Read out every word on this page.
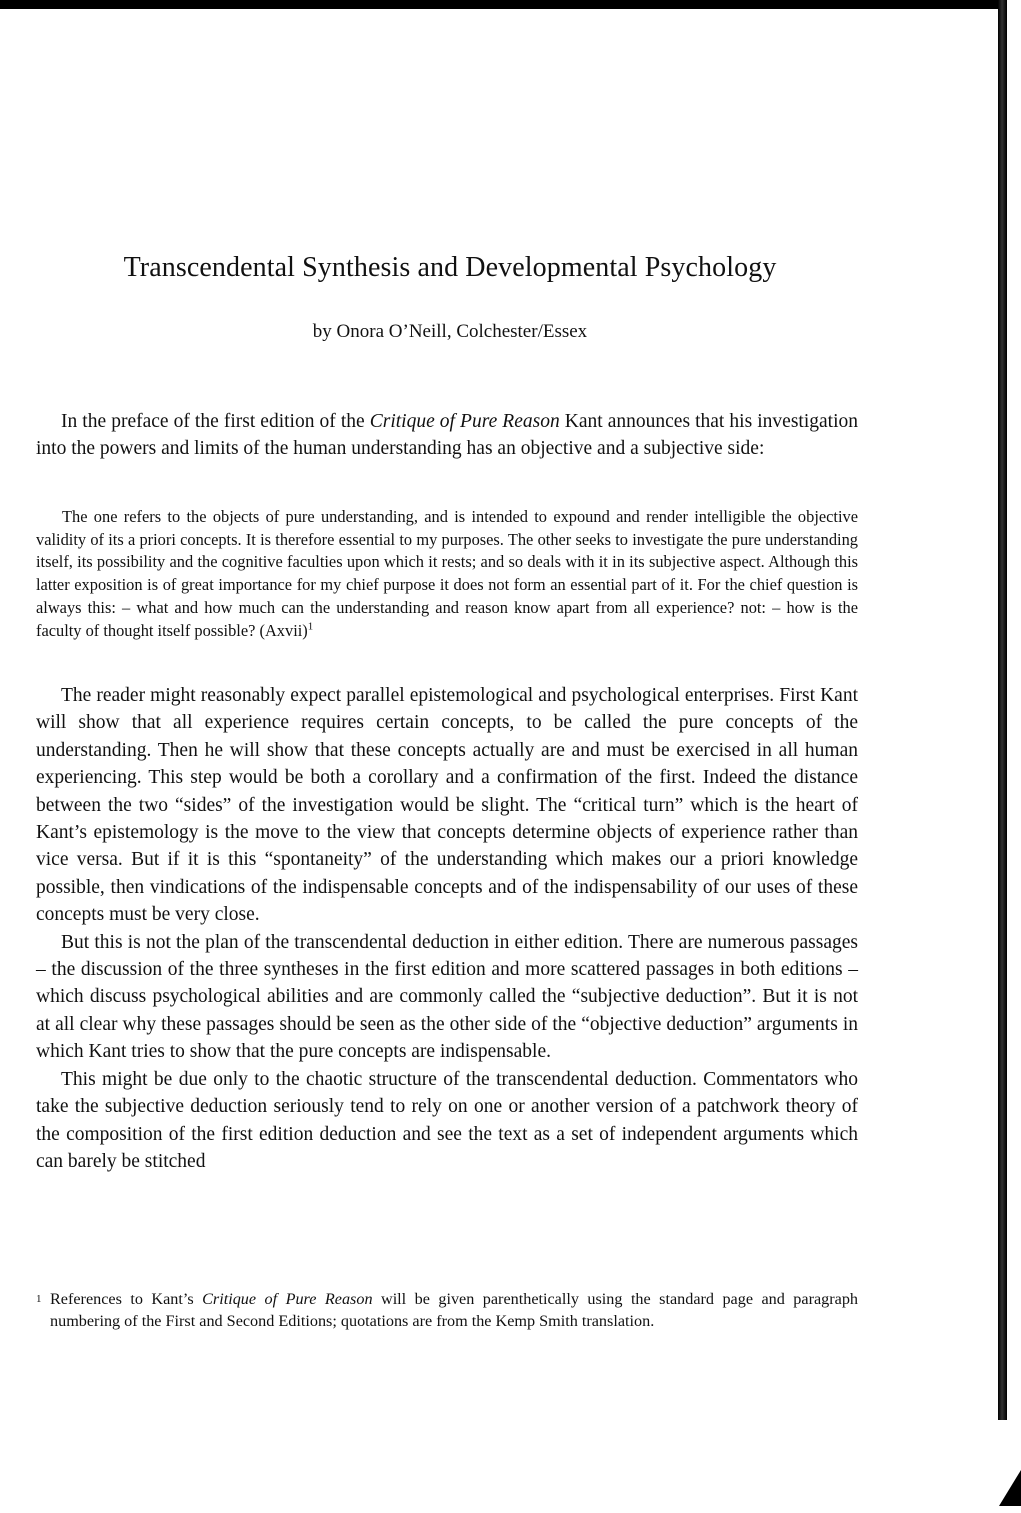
Transcendental Synthesis and Developmental Psychology
by Onora O’Neill, Colchester/Essex

In the preface of the first edition of the Critique of Pure Reason Kant announces that his investigation into the powers and limits of the human understanding has an objective and a subjective side:

The one refers to the objects of pure understanding, and is intended to expound and render intelligible the objective validity of its a priori concepts. It is therefore essential to my purposes. The other seeks to investigate the pure understanding itself, its possibility and the cognitive faculties upon which it rests; and so deals with it in its subjective aspect. Although this latter exposition is of great importance for my chief purpose it does not form an essential part of it. For the chief question is always this: – what and how much can the understanding and reason know apart from all experience? not: – how is the faculty of thought itself possible? (Axvii)$^1$

The reader might reasonably expect parallel epistemological and psychological enterprises. First Kant will show that all experience requires certain concepts, to be called the pure concepts of the understanding. Then he will show that these concepts actually are and must be exercised in all human experiencing. This step would be both a corollary and a confirmation of the first. Indeed the distance between the two “sides” of the investigation would be slight. The “critical turn” which is the heart of Kant’s epistemology is the move to the view that concepts determine objects of experience rather than vice versa. But if it is this “spontaneity” of the understanding which makes our a priori knowledge possible, then vindications of the indispensable concepts and of the indispensability of our uses of these concepts must be very close.

But this is not the plan of the transcendental deduction in either edition. There are numerous passages – the discussion of the three syntheses in the first edition and more scattered passages in both editions – which discuss psychological abilities and are commonly called the “subjective deduction”. But it is not at all clear why these passages should be seen as the other side of the “objective deduction” arguments in which Kant tries to show that the pure concepts are indispensable.

This might be due only to the chaotic structure of the transcendental deduction. Commentators who take the subjective deduction seriously tend to rely on one or another version of a patchwork theory of the composition of the first edition deduction and see the text as a set of independent arguments which can barely be stitched

1 References to Kant’s Critique of Pure Reason will be given parenthetically using the standard page and paragraph numbering of the First and Second Editions; quotations are from the Kemp Smith translation.
